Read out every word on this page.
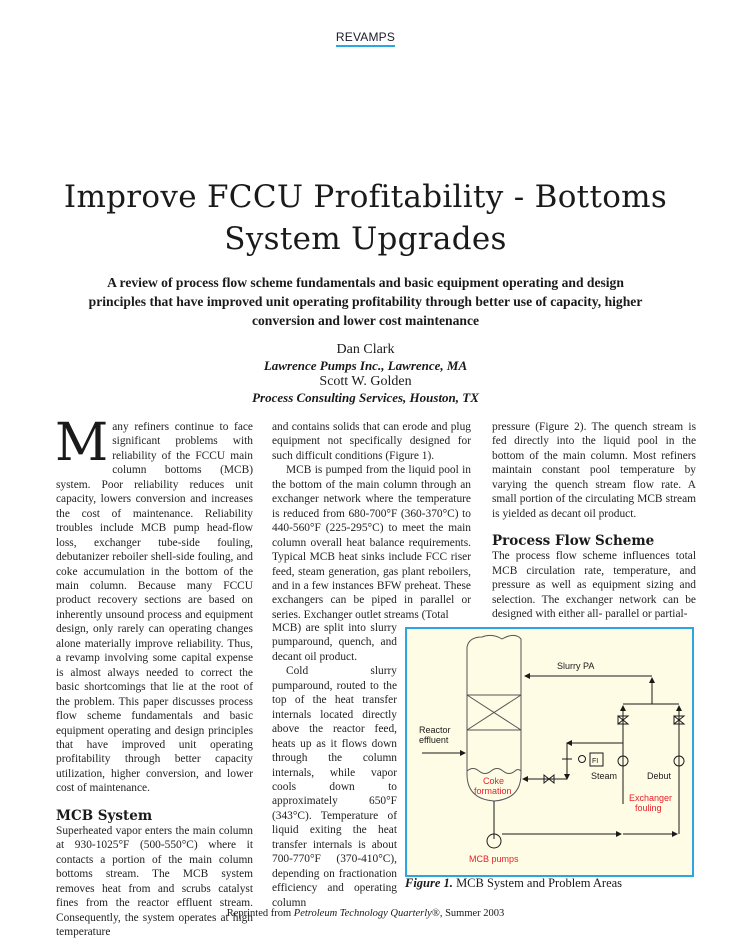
REVAMPS
Improve FCCU Profitability - Bottoms
System Upgrades

A review of process flow scheme fundamentals and basic equipment operating and design principles that have improved unit operating profitability through better use of capacity, higher conversion and lower cost maintenance

Dan Clark
Lawrence Pumps Inc., Lawrence, MA
Scott W. Golden
Process Consulting Services, Houston, TX

Many refiners continue to face significant problems with reliability of the FCCU main column bottoms (MCB) system. Poor reliability reduces unit capacity, lowers conversion and increases the cost of maintenance. Reliability troubles include MCB pump head-flow loss, exchanger tube-side fouling, debutanizer reboiler shell-side fouling, and coke accumulation in the bottom of the main column. Because many FCCU product recovery sections are based on inherently unsound process and equipment design, only rarely can operating changes alone materially improve reliability. Thus, a revamp involving some capital expense is almost always needed to correct the basic shortcomings that lie at the root of the problem. This paper discusses process flow scheme fundamentals and basic equipment operating and design principles that have improved unit operating profitability through better capacity utilization, higher conversion, and lower cost of maintenance.

MCB System

Superheated vapor enters the main column at 930-1025°F (500-550°C) where it contacts a portion of the main column bottoms stream. The MCB system removes heat from and scrubs catalyst fines from the reactor effluent stream. Consequently, the system operates at high temperature

and contains solids that can erode and plug equipment not specifically designed for such difficult conditions (Figure 1).

MCB is pumped from the liquid pool in the bottom of the main column through an exchanger network where the temperature is reduced from 680-700°F (360-370°C) to 440-560°F (225-295°C) to meet the main column overall heat balance requirements. Typical MCB heat sinks include FCC riser feed, steam generation, gas plant reboilers, and in a few instances BFW preheat. These exchangers can be piped in parallel or series. Exchanger outlet streams (Total

MCB) are split into slurry pumparound, quench, and decant oil product.

Cold slurry pumparound, routed to the top of the heat transfer internals located directly above the reactor feed, heats up as it flows down through the column internals, while vapor cools down to approximately 650°F (343°C). Temperature of liquid exiting the heat transfer internals is about 700-770°F (370-410°C), depending on fractionation efficiency and operating column

pressure (Figure 2). The quench stream is fed directly into the liquid pool in the bottom of the main column. Most refiners maintain constant pool temperature by varying the quench stream flow rate. A small portion of the circulating MCB stream is yielded as decant oil product.

Process Flow Scheme

The process flow scheme influences total MCB circulation rate, temperature, and pressure as well as equipment sizing and selection. The exchanger network can be designed with either all- parallel or partial-

Slurry PA
Reactor
effluent
FI
Steam	Debut
Coke
formation
Exchanger
fouling
MCB pumps
Figure 1. MCB System and Problem Areas
Reprinted from Petroleum Technology Quarterly®, Summer 2003
